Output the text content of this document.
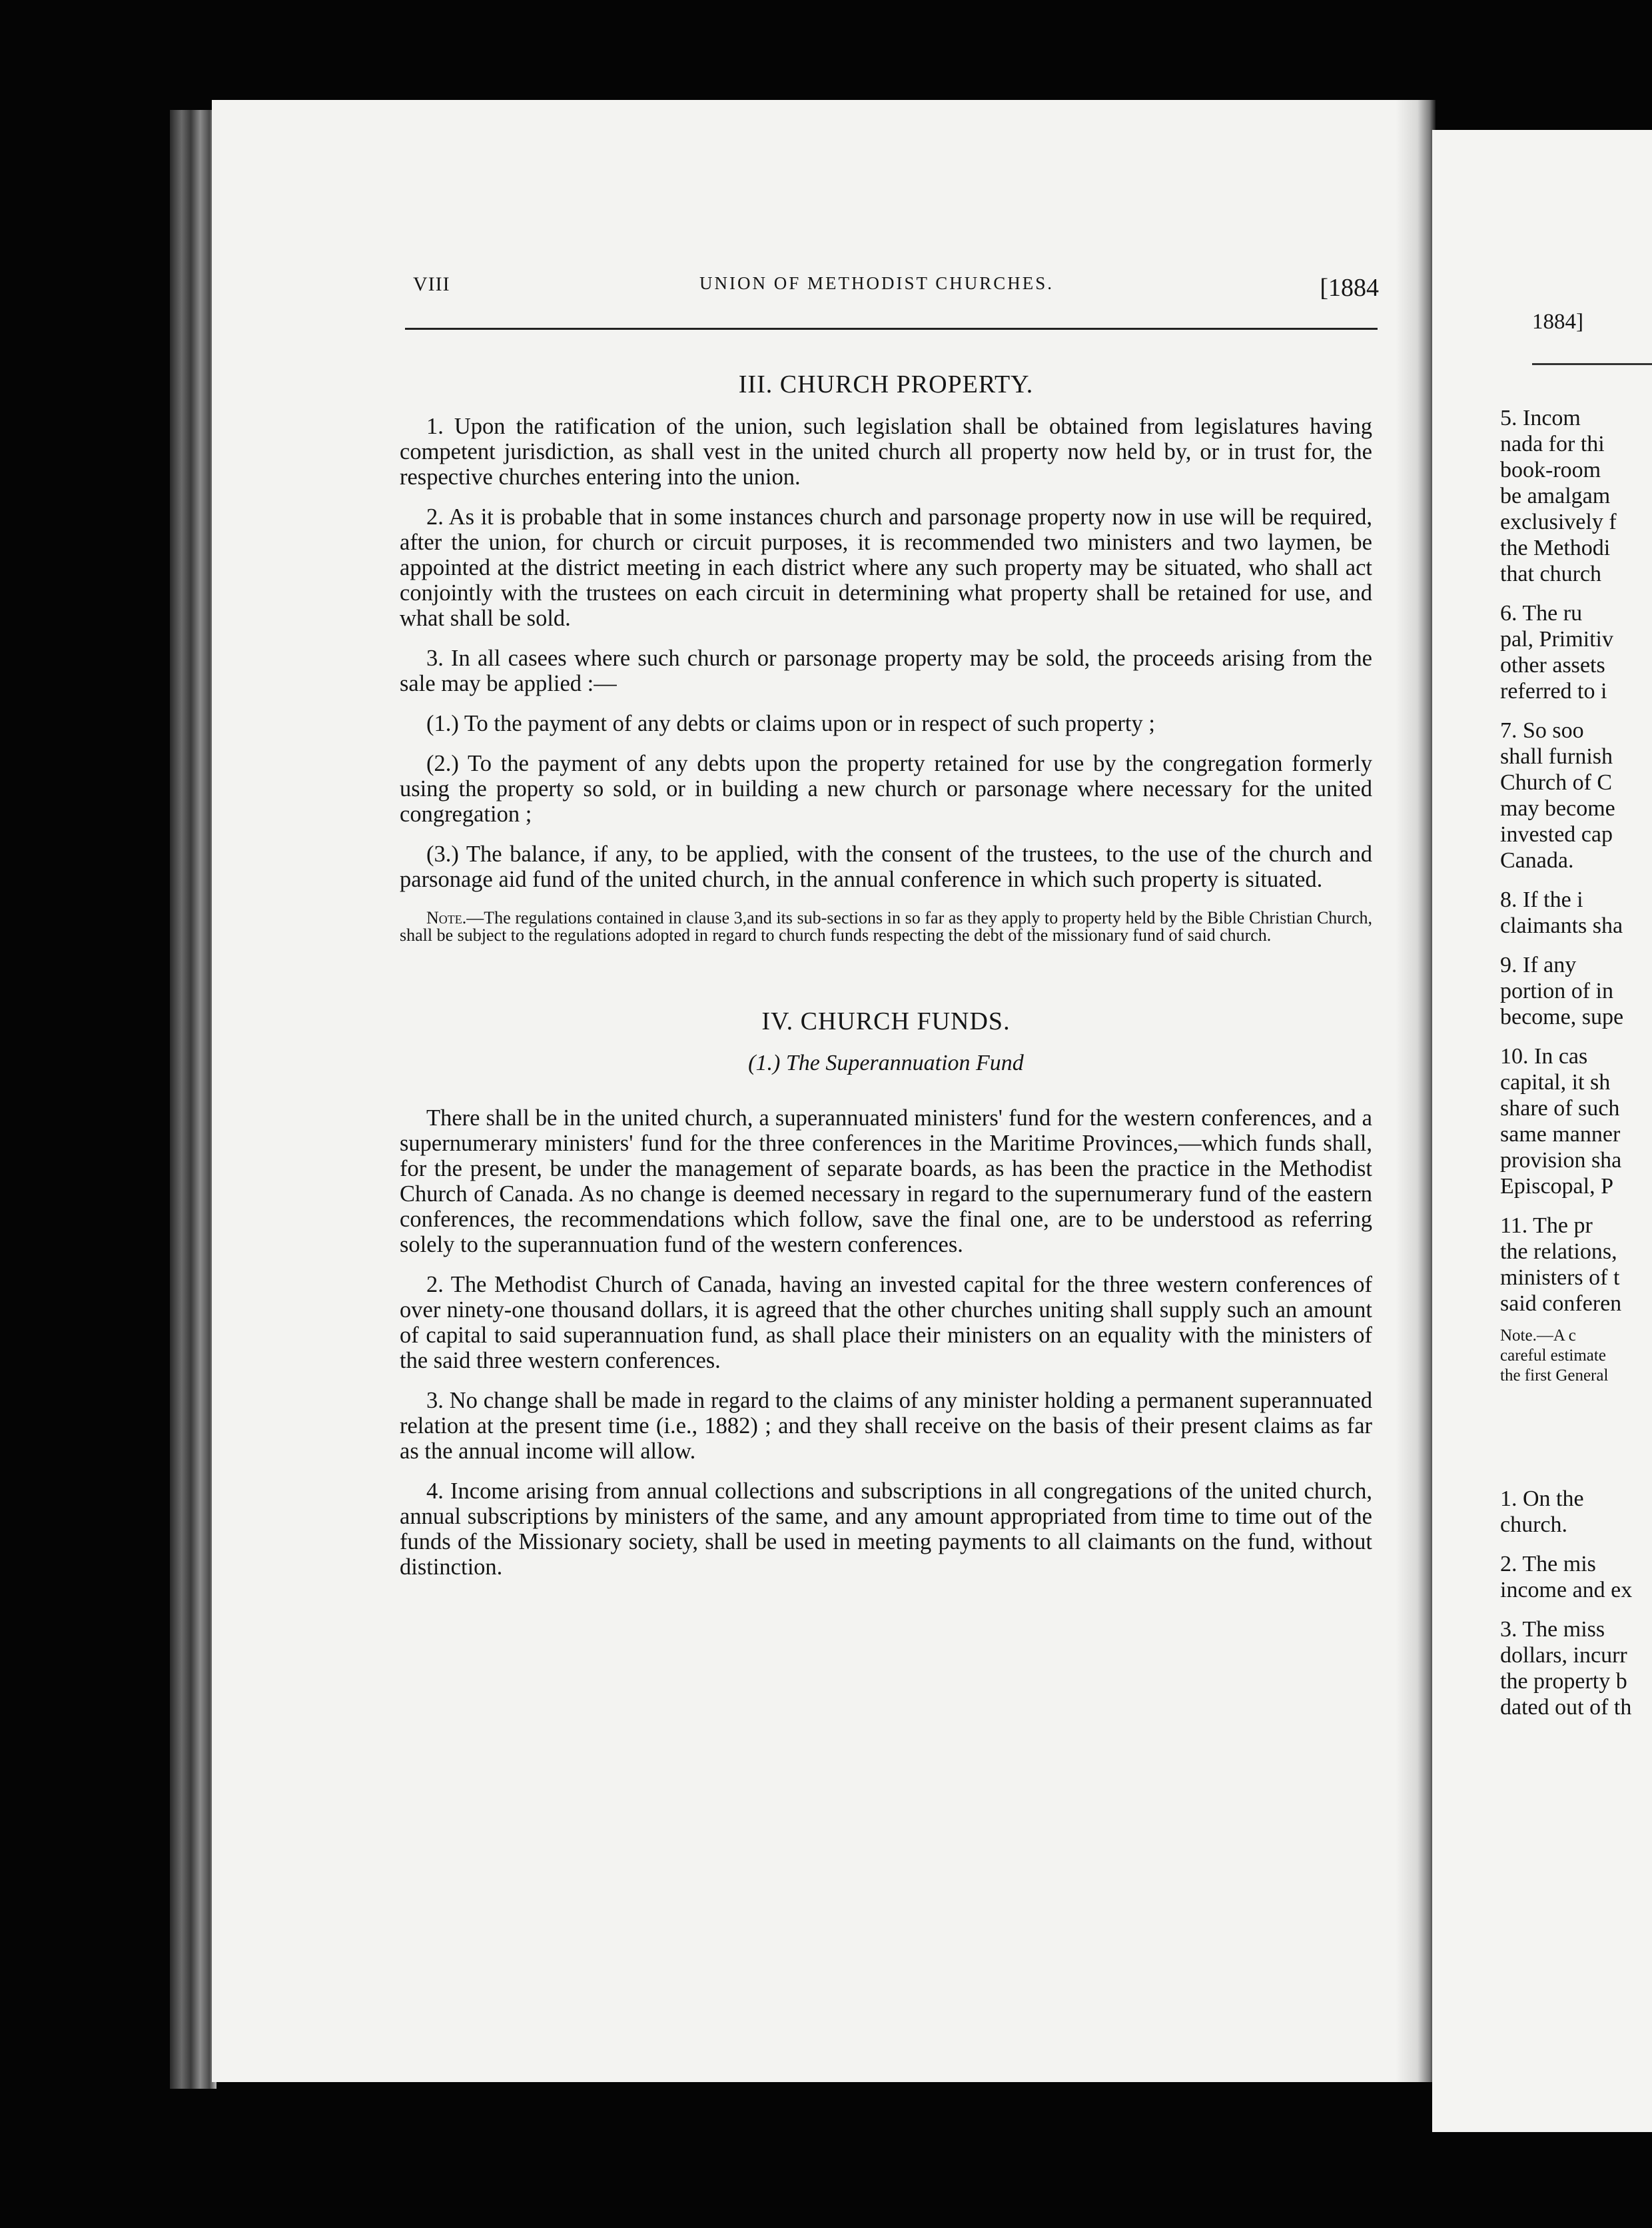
VIII	UNION OF METHODIST CHURCHES.	[1884
III. CHURCH PROPERTY.

1. Upon the ratification of the union, such legislation shall be obtained from legislatures having competent jurisdiction, as shall vest in the united church all property now held by, or in trust for, the respective churches entering into the union.

2. As it is probable that in some instances church and parsonage property now in use will be required, after the union, for church or circuit purposes, it is recommended two ministers and two laymen, be appointed at the district meeting in each district where any such property may be situated, who shall act conjointly with the trustees on each circuit in determining what property shall be retained for use, and what shall be sold.

3. In all casees where such church or parsonage property may be sold, the proceeds arising from the sale may be applied :—

(1.) To the payment of any debts or claims upon or in respect of such property ;

(2.) To the payment of any debts upon the property retained for use by the congregation formerly using the property so sold, or in building a new church or parsonage where necessary for the united congregation ;

(3.) The balance, if any, to be applied, with the consent of the trustees, to the use of the church and parsonage aid fund of the united church, in the annual conference in which such property is situated.

Note.—The regulations contained in clause 3,and its sub-sections in so far as they apply to property held by the Bible Christian Church, shall be subject to the regulations adopted in regard to church funds respecting the debt of the missionary fund of said church.

IV. CHURCH FUNDS.
(1.) The Superannuation Fund

There shall be in the united church, a superannuated ministers' fund for the western conferences, and a supernumerary ministers' fund for the three conferences in the Maritime Provinces,—which funds shall, for the present, be under the management of separate boards, as has been the practice in the Methodist Church of Canada. As no change is deemed necessary in regard to the supernumerary fund of the eastern conferences, the recommendations which follow, save the final one, are to be understood as referring solely to the superannuation fund of the western conferences.

2. The Methodist Church of Canada, having an invested capital for the three western conferences of over ninety-one thousand dollars, it is agreed that the other churches uniting shall supply such an amount of capital to said superannuation fund, as shall place their ministers on an equality with the ministers of the said three western conferences.

3. No change shall be made in regard to the claims of any minister holding a permanent superannuated relation at the present time (i.e., 1882) ; and they shall receive on the basis of their present claims as far as the annual income will allow.

4. Income arising from annual collections and subscriptions in all congregations of the united church, annual subscriptions by ministers of the same, and any amount appropriated from time to time out of the funds of the Missionary society, shall be used in meeting payments to all claimants on the fund, without distinction.

1884]
5. Incom
nada for thi
book-room
be amalgam
exclusively f
the Methodi
that church
6. The ru
pal, Primitiv
other assets
referred to i
7. So soo
shall furnish
Church of C
may become
invested cap
Canada.
8. If the i
claimants sha
9. If any
portion of in
become, supe
10. In cas
capital, it sh
share of such
same manner
provision sha
Episcopal, P
11. The pr
the relations,
ministers of t
said conferen
Note.—A c
careful estimate
the first General
1. On the
church.
2. The mis
income and ex
3. The miss
dollars, incurr
the property b
dated out of th
